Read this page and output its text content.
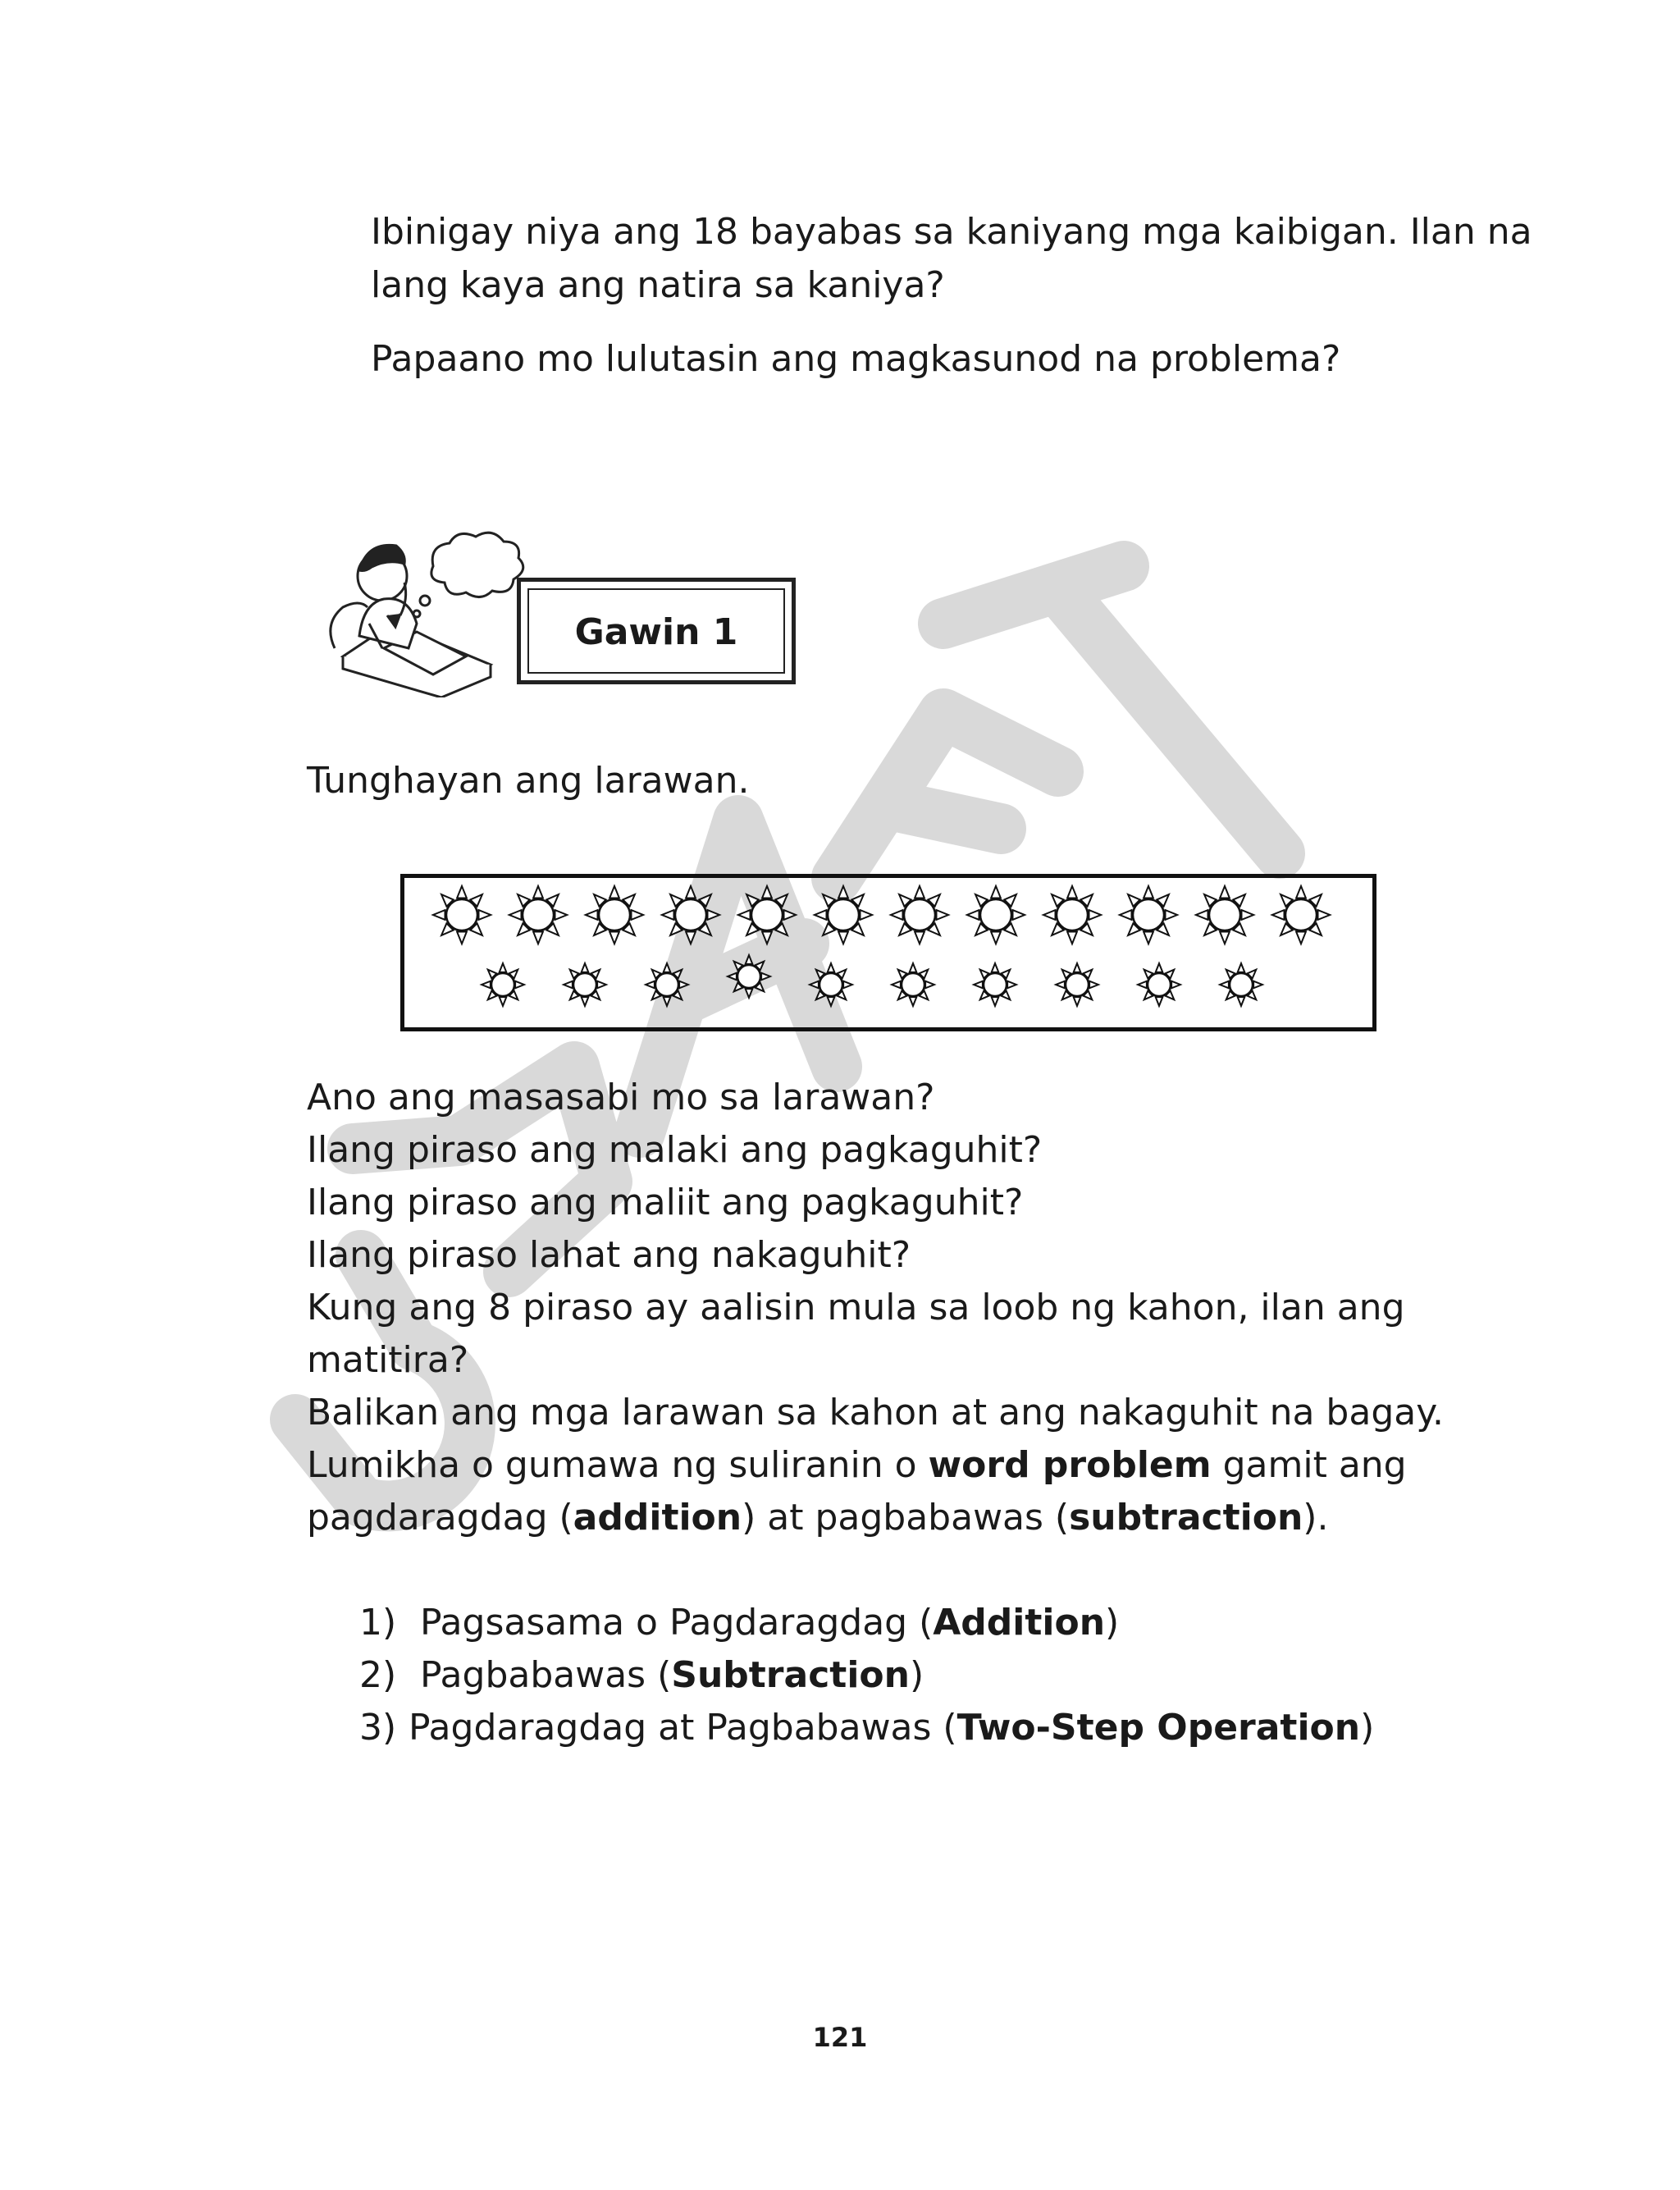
Ibinigay niya ang 18 bayabas sa kaniyang mga kaibigan. Ilan na

lang kaya ang natira sa kaniya?

Papaano mo lulutasin ang magkasunod na problema?

Gawin 1

Tunghayan ang larawan.

Ano ang masasabi mo sa larawan?

Ilang piraso ang malaki ang pagkaguhit?

Ilang piraso ang maliit ang pagkaguhit?

Ilang piraso lahat ang nakaguhit?

Kung ang 8 piraso ay aalisin mula sa loob ng kahon, ilan ang

matitira?

Balikan ang mga larawan sa kahon at ang nakaguhit na bagay.

Lumikha o gumawa ng suliranin o word problem gamit ang

pagdaragdag (addition) at pagbabawas (subtraction).

1) Pagsasama o Pagdaragdag (Addition)

2) Pagbabawas (Subtraction)

3) Pagdaragdag at Pagbabawas (Two-Step Operation)

121
